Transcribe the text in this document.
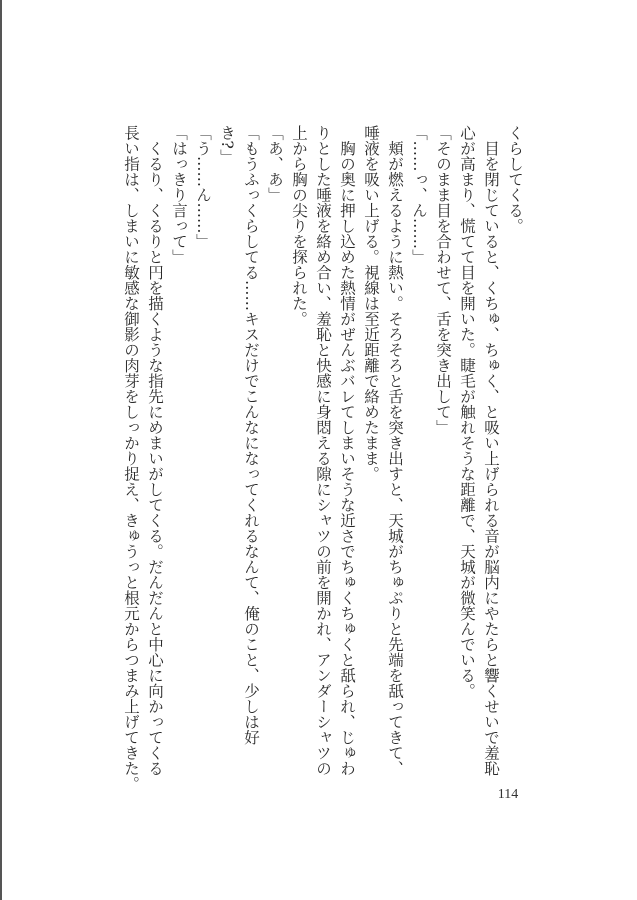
くらしてくる。

　目を閉じていると、くちゅ、ちゅく、と吸い上げられる音が脳内にやたらと響くせいで羞恥

心が高まり、慌てて目を開いた。睫毛が触れそうな距離で、天城が微笑んでいる。

「そのまま目を合わせて、舌を突き出して」

「……っ、ん……」

　頬が燃えるように熱い。そろそろと舌を突き出すと、天城がちゅぷりと先端を舐ってきて、

唾液を吸い上げる。視線は至近距離で絡めたまま。

　胸の奥に押し込めた熱情がぜんぶバレてしまいそうな近さでちゅくちゅくと舐られ、じゅわ

りとした唾液を絡め合い、羞恥と快感に身悶える隙にシャツの前を開かれ、アンダーシャツの

上から胸の尖りを探られた。

「あ、あ」

「もうふっくらしてる……キスだけでこんなになってくれるなんて、俺のこと、少しは好

き?」

「う……ん……」

「はっきり言って」

　くるり、くるりと円を描くような指先にめまいがしてくる。だんだんと中心に向かってくる

長い指は、しまいに敏感な御影の肉芽をしっかり捉え、きゅうっと根元からつまみ上げてきた。

114
